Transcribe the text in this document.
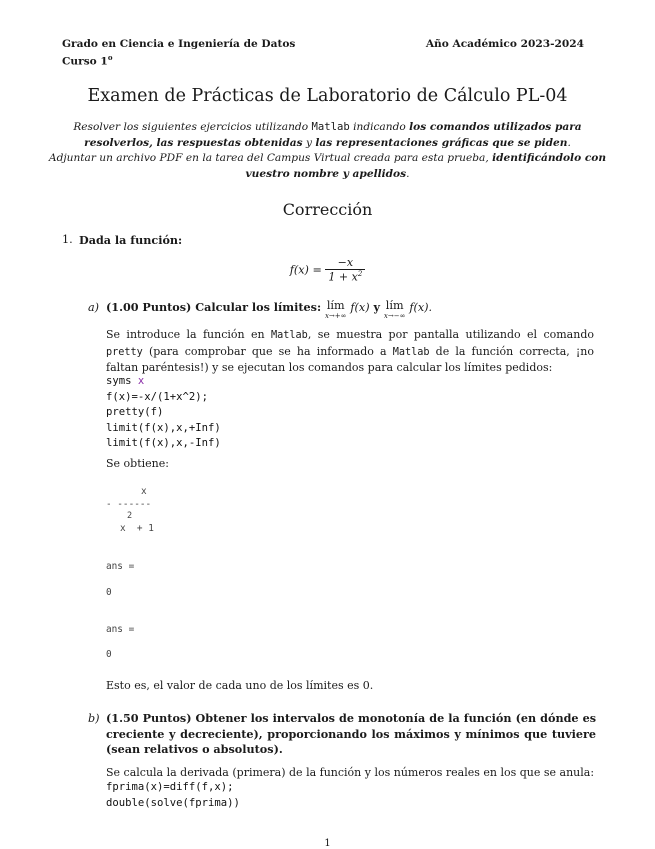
Grado en Ciencia e Ingeniería de Datos
Curso 1$^o$
Año Académico 2023-2024
Examen de Prácticas de Laboratorio de Cálculo PL-04
Resolver los siguientes ejercicios utilizando Matlab indicando los comandos utilizados para resolverlos, las respuestas obtenidas y las representaciones gráficas que se piden.
Adjuntar un archivo PDF en la tarea del Campus Virtual creada para esta prueba, identificándolo con vuestro nombre y apellidos.
Corrección
1. Dada la función:
$f(x) = \frac{-x}{1 + x^2}$
a) (1.00 Puntos) Calcular los límites: lím
x→+∞
f(x) y lím
x→−∞
f(x).
Se introduce la función en Matlab, se muestra por pantalla utilizando el comando pretty (para comprobar que se ha informado a Matlab de la función correcta, ¡no faltan paréntesis!) y se ejecutan los comandos para calcular los límites pedidos:
syms x
f(x)=-x/(1+x^2);
pretty(f)
limit(f(x),x,+Inf)
limit(f(x),x,-Inf)
Se obtiene:
x
- ------
2
x  + 1
ans =
0
ans =
0
Esto es, el valor de cada uno de los límites es 0.
b) (1.50 Puntos) Obtener los intervalos de monotonía de la función (en dónde es creciente y decreciente), proporcionando los máximos y mínimos que tuviere (sean relativos o absolutos).
Se calcula la derivada (primera) de la función y los números reales en los que se anula:
fprima(x)=diff(f,x);
double(solve(fprima))
1
